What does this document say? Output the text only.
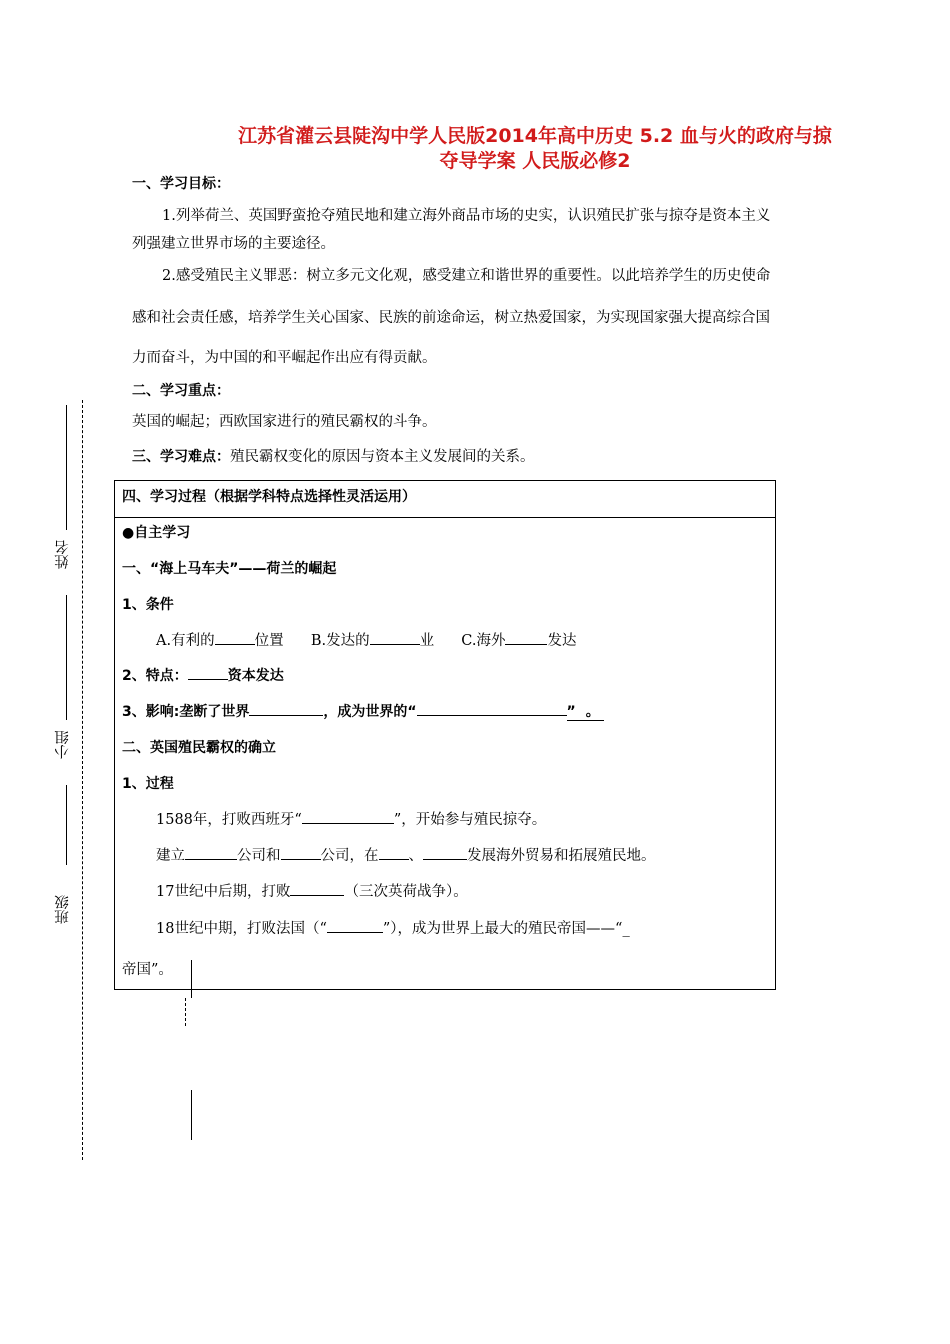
江苏省灌云县陡沟中学人民版2014年高中历史 5.2 血与火的政府与掠
夺导学案 人民版必修2
一、学习目标：
1.列举荷兰、英国野蛮抢夺殖民地和建立海外商品市场的史实，认识殖民扩张与掠夺是资本主义
列强建立世界市场的主要途径。
2.感受殖民主义罪恶：树立多元文化观，感受建立和谐世界的重要性。以此培养学生的历史使命
感和社会责任感，培养学生关心国家、民族的前途命运，树立热爱国家，为实现国家强大提高综合国
力而奋斗，为中国的和平崛起作出应有得贡献。
二、学习重点：
英国的崛起；西欧国家进行的殖民霸权的斗争。
三、学习难点：殖民霸权变化的原因与资本主义发展间的关系。
四、学习过程（根据学科特点选择性灵活运用）
●自主学习
一、“海上马车夫”——荷兰的崛起
1、条件
A.有利的	位置 B.发达的	业 C.海外	发达
2、特点：	资本发达
3、影响:垄断了世界	，成为世界的“	” 。
二、英国殖民霸权的确立
1、过程
1588年，打败西班牙“	”，开始参与殖民掠夺。
建立	公司和	公司，在 、	发展海外贸易和拓展殖民地。
17世纪中后期，打败	（三次英荷战争）。
18世纪中期，打败法国（“	”），成为世界上最大的殖民帝国——“_
帝国”。
姓名
小组
班级
